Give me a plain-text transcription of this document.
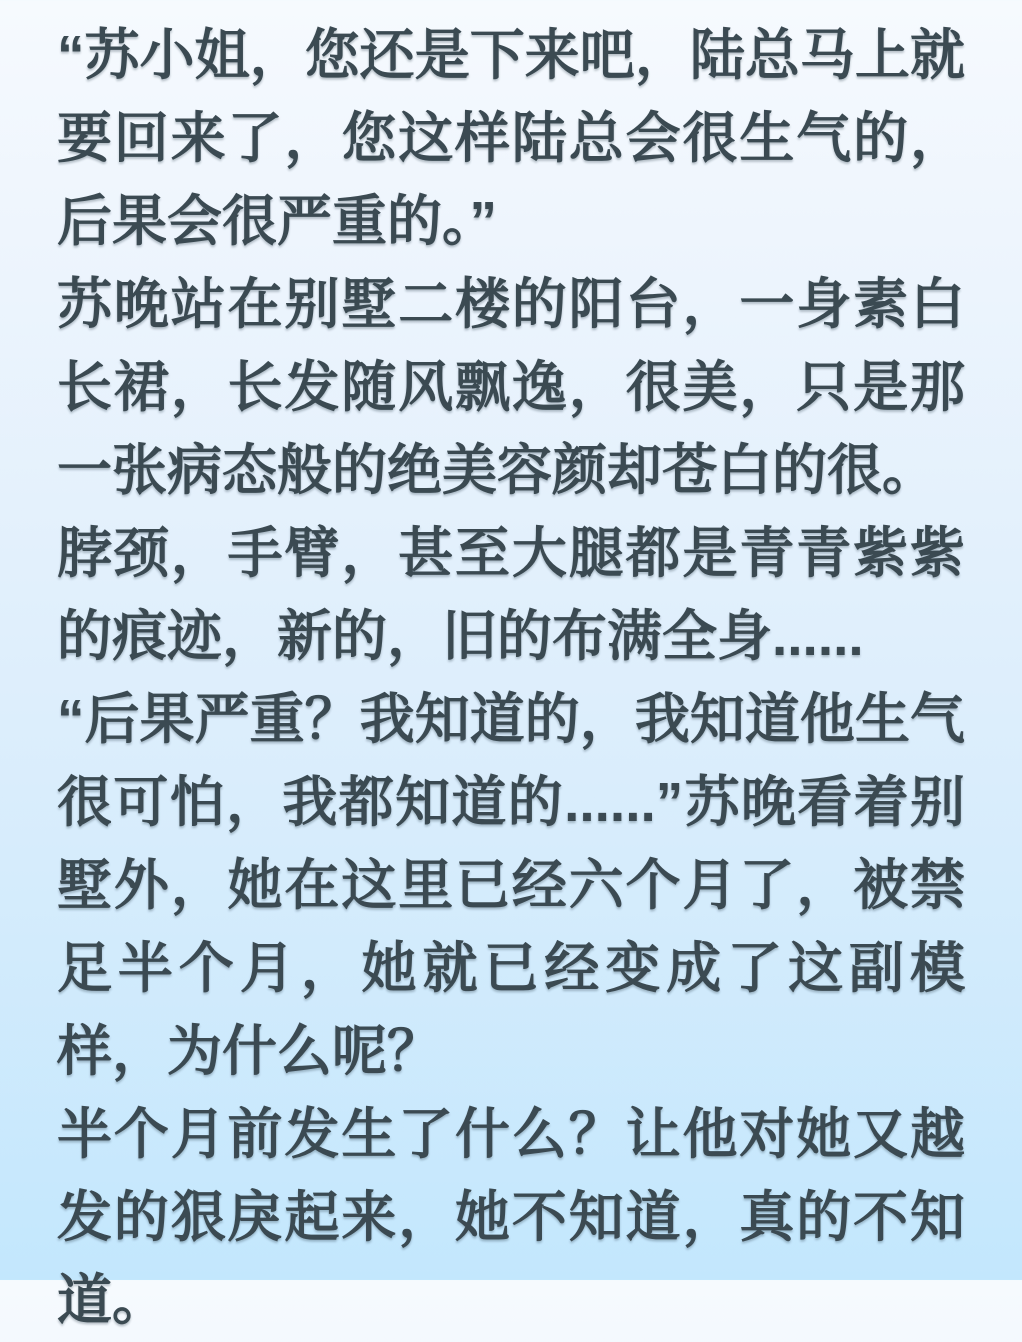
“苏小姐，您还是下来吧，陆总马上就要回来了，您这样陆总会很生气的，后果会很严重的。”

苏晚站在别墅二楼的阳台，一身素白长裙，长发随风飘逸，很美，只是那一张病态般的绝美容颜却苍白的很。

脖颈，手臂，甚至大腿都是青青紫紫的痕迹，新的，旧的布满全身......

“后果严重？我知道的，我知道他生气很可怕，我都知道的......”苏晚看着别墅外，她在这里已经六个月了，被禁足半个月，她就已经变成了这副模样，为什么呢？

半个月前发生了什么？让他对她又越发的狠戾起来，她不知道，真的不知道。
